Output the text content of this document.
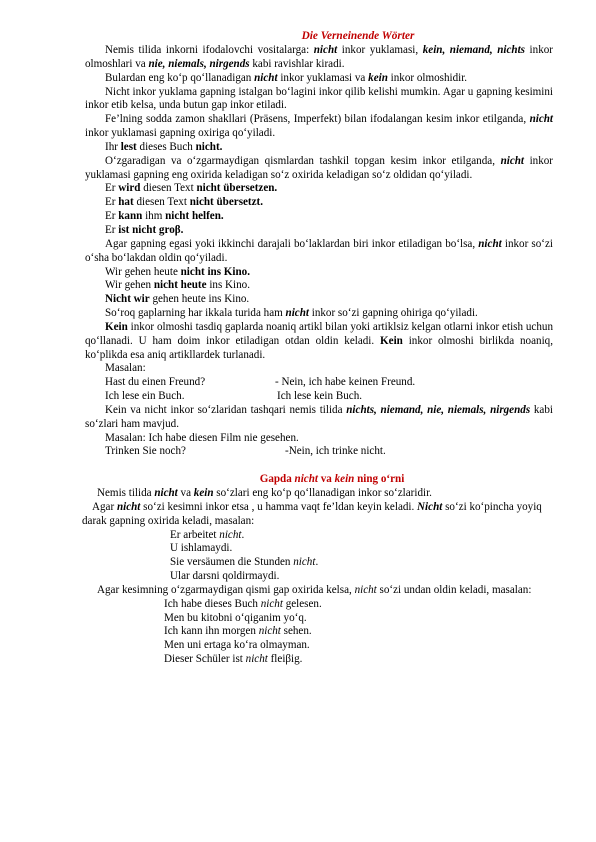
Die Verneinende Wörter

Nemis tilida inkorni ifodalovchi vositalarga: nicht inkor yuklamasi, kein, niemand, nichts inkor olmoshlari va nie, niemals, nirgends kabi ravishlar kiradi.

Bulardan eng koʻp qoʻllanadigan nicht inkor yuklamasi va kein inkor olmoshidir.

Nicht inkor yuklama gapning istalgan boʻlagini inkor qilib kelishi mumkin. Agar u gapning kesimini inkor etib kelsa, unda butun gap inkor etiladi.

Fe’lning sodda zamon shakllari (Präsens, Imperfekt) bilan ifodalangan kesim inkor etilganda, nicht inkor yuklamasi gapning oxiriga qoʻyiladi.

Ihr lest dieses Buch nicht.

Oʻzgaradigan va oʻzgarmaydigan qismlardan tashkil topgan kesim inkor etilganda, nicht inkor yuklamasi gapning eng oxirida keladigan soʻz oxirida keladigan soʻz oldidan qoʻyiladi.

Er wird diesen Text nicht übersetzen.

Er hat diesen Text nicht übersetzt.

Er kann ihm nicht helfen.

Er ist nicht groβ.

Agar gapning egasi yoki ikkinchi darajali boʻlaklardan biri inkor etiladigan boʻlsa, nicht inkor soʻzi oʻsha boʻlakdan oldin qoʻyiladi.

Wir gehen heute nicht ins Kino.

Wir gehen nicht heute ins Kino.

Nicht wir gehen heute ins Kino.

Soʻroq gaplarning har ikkala turida ham nicht inkor soʻzi gapning ohiriga qoʻyiladi.

Kein inkor olmoshi tasdiq gaplarda noaniq artikl bilan yoki artiklsiz kelgan otlarni inkor etish uchun qoʻllanadi. U ham doim inkor etiladigan otdan oldin keladi. Kein inkor olmoshi birlikda noaniq, koʻplikda esa aniq artikllardek turlanadi.

Masalan:

Hast du einen Freund?	- Nein, ich habe keinen Freund.

Ich lese ein Buch.	Ich lese kein Buch.

Kein va nicht inkor soʻzlaridan tashqari nemis tilida nichts, niemand, nie, niemals, nirgends kabi soʻzlari ham mavjud.

Masalan: Ich habe diesen Film nie gesehen.

Trinken Sie noch?	-Nein, ich trinke nicht.

Gapda nicht va kein ning oʻrni

Nemis tilida nicht va kein soʻzlari eng koʻp qoʻllanadigan inkor soʻzlaridir.

Agar nicht soʻzi kesimni inkor etsa , u hamma vaqt fe’ldan keyin keladi. Nicht soʻzi koʻpincha yoyiq darak gapning oxirida keladi, masalan:

Er arbeitet nicht.

U ishlamaydi.

Sie versäumen die Stunden nicht.

Ular darsni qoldirmaydi.

Agar kesimning oʻzgarmaydigan qismi gap oxirida kelsa, nicht soʻzi undan oldin keladi, masalan:

Ich habe dieses Buch nicht gelesen.

Men bu kitobni oʻqiganim yoʻq.

Ich kann ihn morgen nicht sehen.

Men uni ertaga koʻra olmayman.

Dieser Schüler ist nicht fleiβig.
